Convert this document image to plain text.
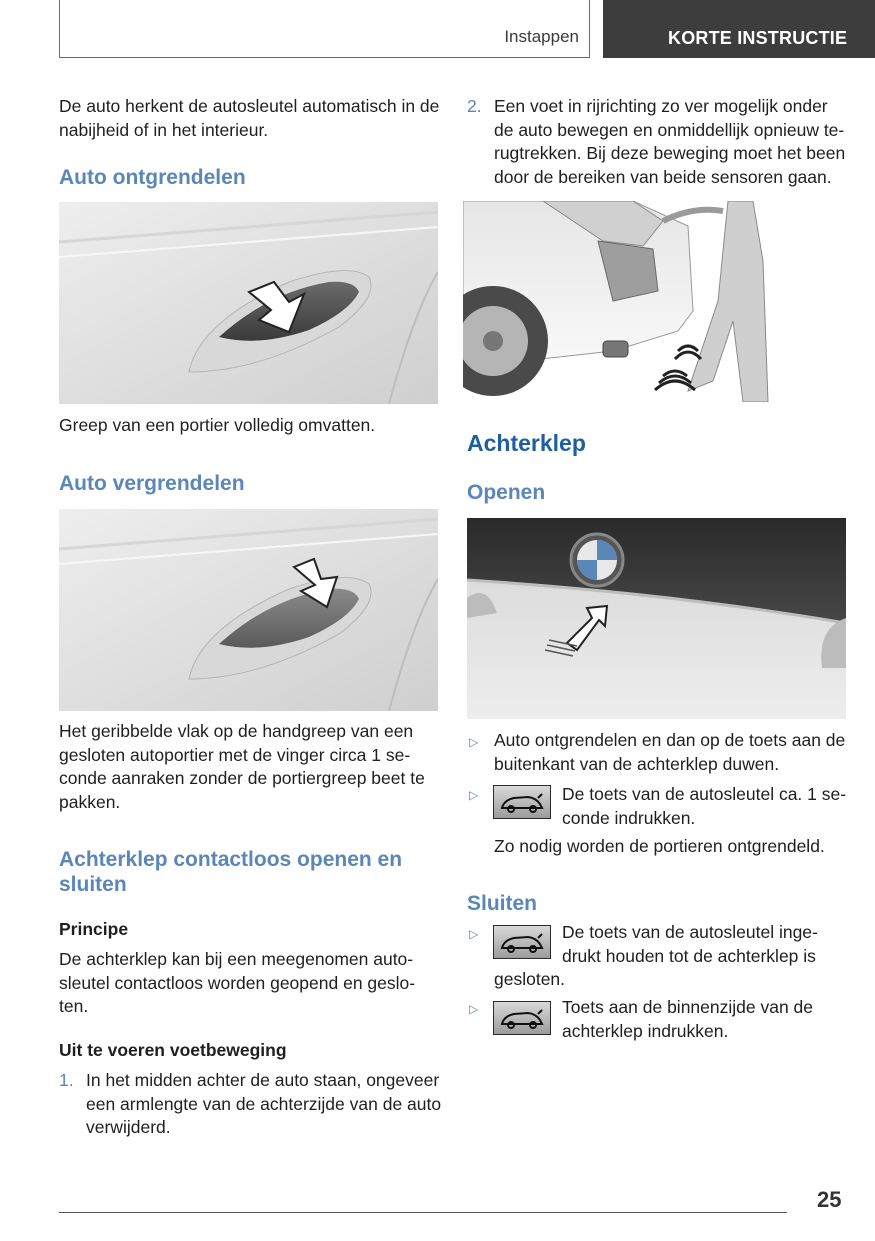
Instappen	KORTE INSTRUCTIE
De auto herkent de autosleutel automatisch in de nabijheid of in het interieur.
Auto ontgrendelen
Greep van een portier volledig omvatten.
Auto vergrendelen
Het geribbelde vlak op de handgreep van een
gesloten autoportier met de vinger circa 1 se-
conde aanraken zonder de portiergreep beet te
pakken.
Achterklep contactloos openen en
sluiten
Principe
De achterklep kan bij een meegenomen auto-
sleutel contactloos worden geopend en geslo-
ten.
Uit te voeren voetbeweging
1. In het midden achter de auto staan, ongeveer
een armlengte van de achterzijde van de auto
verwijderd.
2. Een voet in rijrichting zo ver mogelijk onder
de auto bewegen en onmiddellijk opnieuw te-
rugtrekken. Bij deze beweging moet het been
door de bereiken van beide sensoren gaan.
Achterklep
Openen
▷ Auto ontgrendelen en dan op de toets aan de
buitenkant van de achterklep duwen.
▷	De toets van de autosleutel ca. 1 se-
conde indrukken.
Zo nodig worden de portieren ontgrendeld.
Sluiten
▷	De toets van de autosleutel inge-
drukt houden tot de achterklep is
gesloten.
▷	Toets aan de binnenzijde van de
achterklep indrukken.
25
